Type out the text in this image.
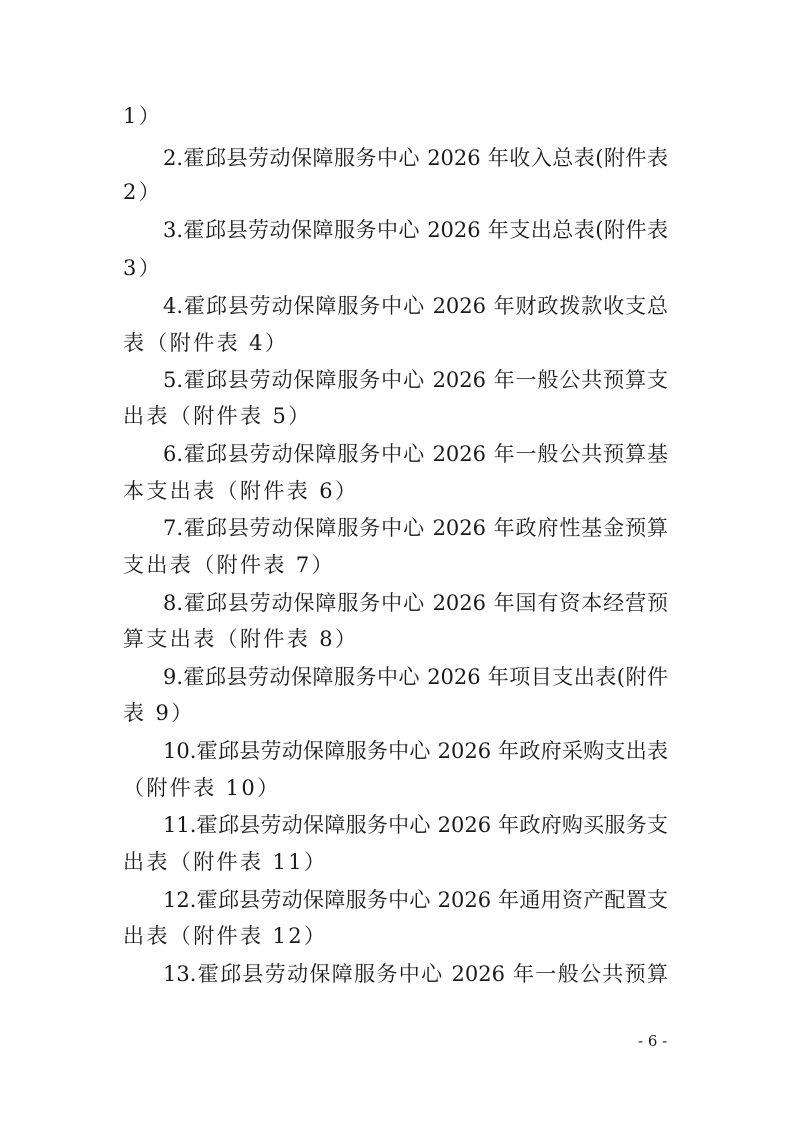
1）
2.霍邱县劳动保障服务中心 2026 年收入总表(附件表
2）
3.霍邱县劳动保障服务中心 2026 年支出总表(附件表
3）
4.霍邱县劳动保障服务中心 2026 年财政拨款收支总
表（附件表 4）
5.霍邱县劳动保障服务中心 2026 年一般公共预算支
出表（附件表 5）
6.霍邱县劳动保障服务中心 2026 年一般公共预算基
本支出表（附件表 6）
7.霍邱县劳动保障服务中心 2026 年政府性基金预算
支出表（附件表 7）
8.霍邱县劳动保障服务中心 2026 年国有资本经营预
算支出表（附件表 8）
9.霍邱县劳动保障服务中心 2026 年项目支出表(附件
表 9）
10.霍邱县劳动保障服务中心 2026 年政府采购支出表
（附件表 10）
11.霍邱县劳动保障服务中心 2026 年政府购买服务支
出表（附件表 11）
12.霍邱县劳动保障服务中心 2026 年通用资产配置支
出表（附件表 12）
13.霍邱县劳动保障服务中心 2026 年一般公共预算
- 6 -
